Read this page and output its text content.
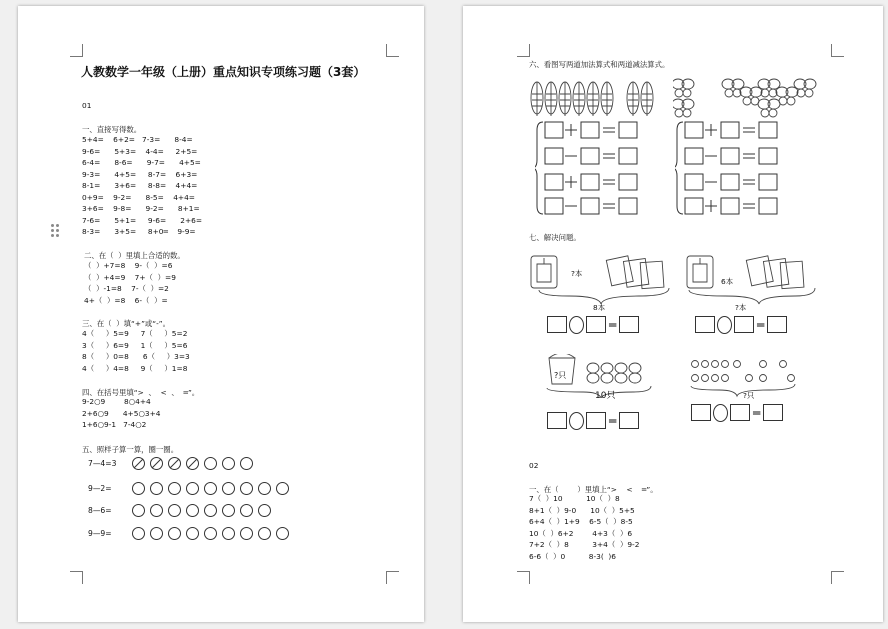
人教数学一年级（上册）重点知识专项练习题（3套）
01
一、直接写得数。
5+4=    6+2=   7-3=      8-4=
9-6=      5+3=    4-4=     2+5=
6-4=      8-6=      9-7=      4+5=
9-3=      4+5=     8-7=    6+3=
8-1=      3+6=     8-8=    4+4=
0+9=    9-2=      8-5=    4+4=
3+6=    9-8=      9-2=      8+1=
7-6=      5+1=     9-6=      2+6=
8-3=      3+5=     8+0═    9-9=
二、在（  ）里填上合适的数。
（  ）+7=8    9-（  ）=6
（  ）+4=9    7+（  ）=9
（  ）-1=8    7-（  ）=2
4+（  ）=8    6-（  ）=
三、在（  ）填“+”或“-”。
4（     ）5=9     7（     ）5=2
3（     ）6=9     1（     ）5=6
8（     ）0=8      6（     ）3=3
4（     ）4=8     9（     ）1=8
四、在括号里填“>  、  <  、  ═”。
9-2○9        8○4+4
2+6○9      4+5○3+4
1+6○9-1   7-4○2
五、照样子算一算，圈一圈。
7—4=3
9—2=
8—6=
9—9=
六、看图写两道加法算式和两道减法算式。
七、解决问题。
?本
8本
═
6本
?本
═
?只
10只
═
?只
═
02
一、在（        ）里填上“>    <    ═”。
7（  ）10          10（  ）8
8+1（  ）9-0      10（  ）5+5
6+4（  ）1+9    6-5（  ）8-5
10（  ）6+2        4+3（  ）6
7+2（  ）8          3+4（  ）9-2
6-6（  ）0          8-3(  )6
